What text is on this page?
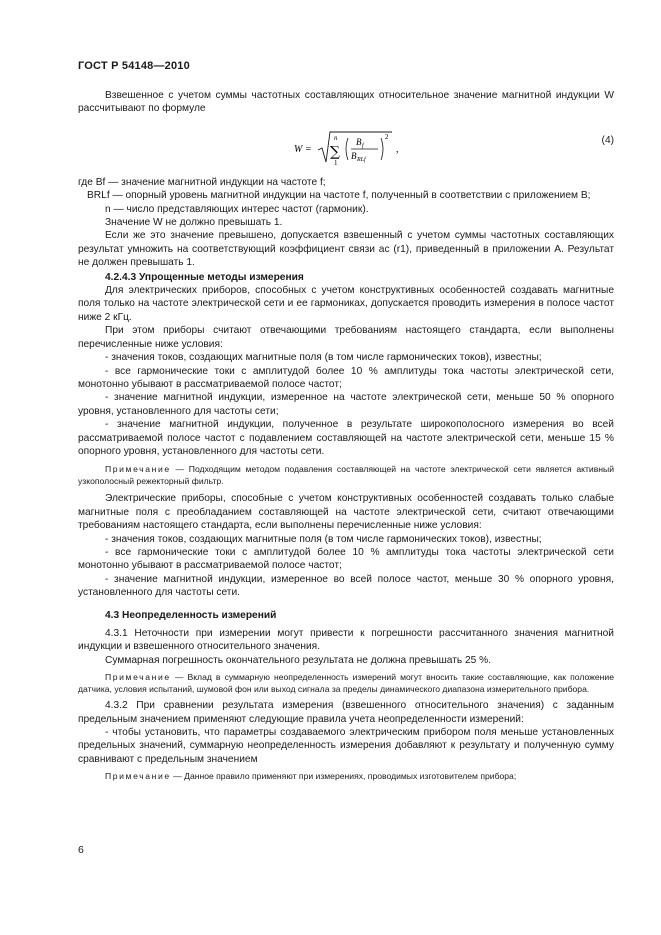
ГОСТ Р 54148—2010

Взвешенное с учетом суммы частотных составляющих относительное значение магнитной индукции W рассчитывают по формуле

W =
n
∑
1
B f
B RLf
2
,
(4)

где Bf — значение магнитной индукции на частоте f;

BRLf — опорный уровень магнитной индукции на частоте f, полученный в соответствии с приложением В;

n — число представляющих интерес частот (гармоник).

Значение W не должно превышать 1.

Если же это значение превышено, допускается взвешенный с учетом суммы частотных составляющих результат умножить на соответствующий коэффициент связи ac (r1), приведенный в приложении А. Результат не должен превышать 1.

4.2.4.3 Упрощенные методы измерения

Для электрических приборов, способных с учетом конструктивных особенностей создавать магнитные поля только на частоте электрической сети и ее гармониках, допускается проводить измерения в полосе частот ниже 2 кГц.

При этом приборы считают отвечающими требованиям настоящего стандарта, если выполнены перечисленные ниже условия:

- значения токов, создающих магнитные поля (в том числе гармонических токов), известны;

- все гармонические токи с амплитудой более 10 % амплитуды тока частоты электрической сети, монотонно убывают в рассматриваемой полосе частот;

- значение магнитной индукции, измеренное на частоте электрической сети, меньше 50 % опорного уровня, установленного для частоты сети;

- значение магнитной индукции, полученное в результате широкополосного измерения во всей рассматриваемой полосе частот с подавлением составляющей на частоте электрической сети, меньше 15 % опорного уровня, установленного для частоты сети.

Примечание — Подходящим методом подавления составляющей на частоте электрической сети является активный узкополосный режекторный фильтр.

Электрические приборы, способные с учетом конструктивных особенностей создавать только слабые магнитные поля с преобладанием составляющей на частоте электрической сети, считают отвечающими требованиям настоящего стандарта, если выполнены перечисленные ниже условия:

- значения токов, создающих магнитные поля (в том числе гармонических токов), известны;

- все гармонические токи с амплитудой более 10 % амплитуды тока частоты электрической сети монотонно убывают в рассматриваемой полосе частот;

- значение магнитной индукции, измеренное во всей полосе частот, меньше 30 % опорного уровня, установленного для частоты сети.

4.3 Неопределенность измерений

4.3.1 Неточности при измерении могут привести к погрешности рассчитанного значения магнитной индукции и взвешенного относительного значения.

Суммарная погрешность окончательного результата не должна превышать 25 %.

Примечание — Вклад в суммарную неопределенность измерений могут вносить такие составляющие, как положение датчика, условия испытаний, шумовой фон или выход сигнала за пределы динамического диапазона измерительного прибора.

4.3.2 При сравнении результата измерения (взвешенного относительного значения) с заданным предельным значением применяют следующие правила учета неопределенности измерений:

- чтобы установить, что параметры создаваемого электрическим прибором поля меньше установленных предельных значений, суммарную неопределенность измерения добавляют к результату и полученную сумму сравнивают с предельным значением

Примечание — Данное правило применяют при измерениях, проводимых изготовителем прибора;

6
